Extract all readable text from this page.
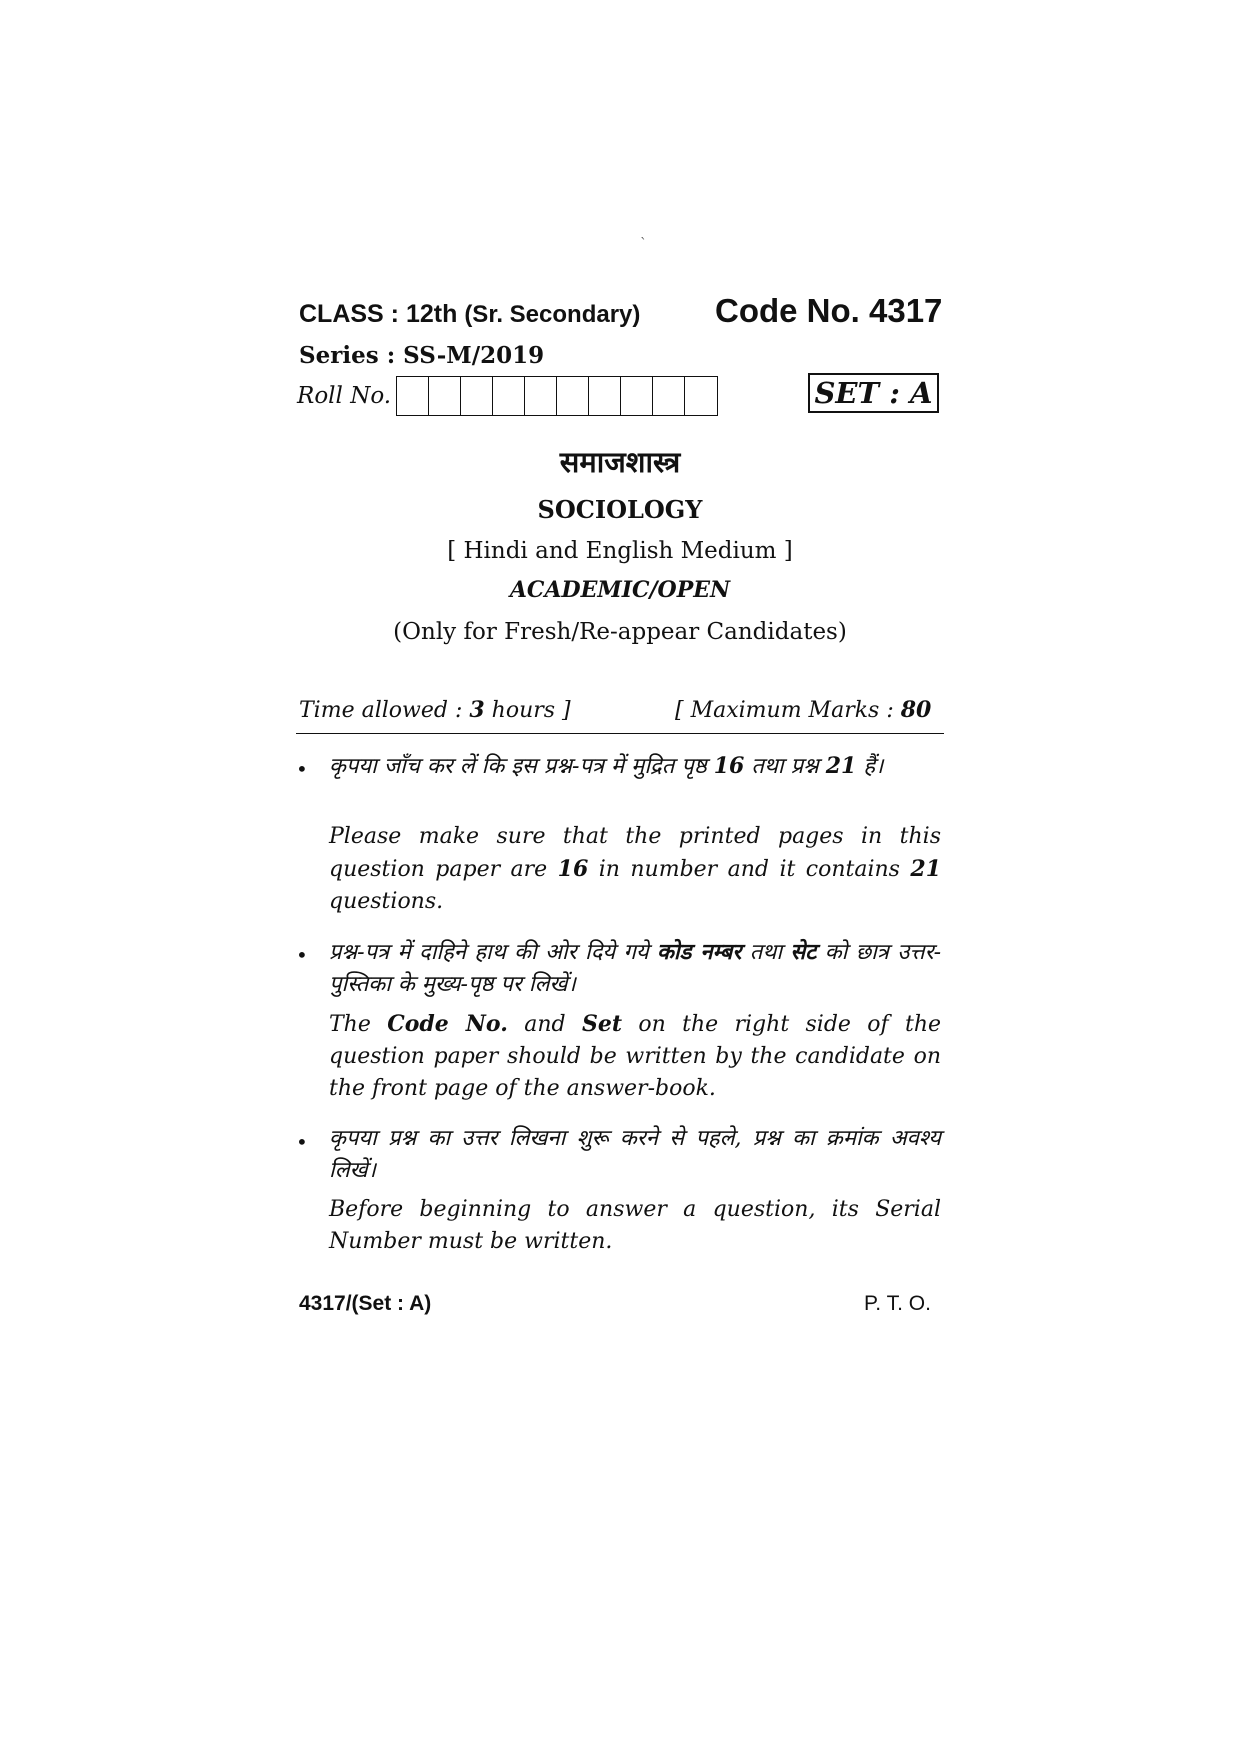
`
CLASS : 12th (Sr. Secondary) Code No. 4317
Series : SS-M/2019
Roll No.	SET : A
समाजशास्त्र
SOCIOLOGY
[ Hindi and English Medium ]
ACADEMIC/OPEN
(Only for Fresh/Re-appear Candidates)
Time allowed : 3 hours ]	[ Maximum Marks : 80
• कृपया जाँच कर लें कि इस प्रश्न-पत्र में मुद्रित पृष्ठ 16 तथा प्रश्न 21 हैं।
Please make sure that the printed pages in this question paper are 16 in number and it contains 21 questions.
• प्रश्न-पत्र में दाहिने हाथ की ओर दिये गये कोड नम्बर तथा सेट को छात्र उत्तर-पुस्तिका के मुख्य-पृष्ठ पर लिखें।
The Code No. and Set on the right side of the question paper should be written by the candidate on the front page of the answer-book.
• कृपया प्रश्न का उत्तर लिखना शुरू करने से पहले, प्रश्न का क्रमांक अवश्य लिखें।
Before beginning to answer a question, its Serial Number must be written.
4317/(Set : A)	P. T. O.
